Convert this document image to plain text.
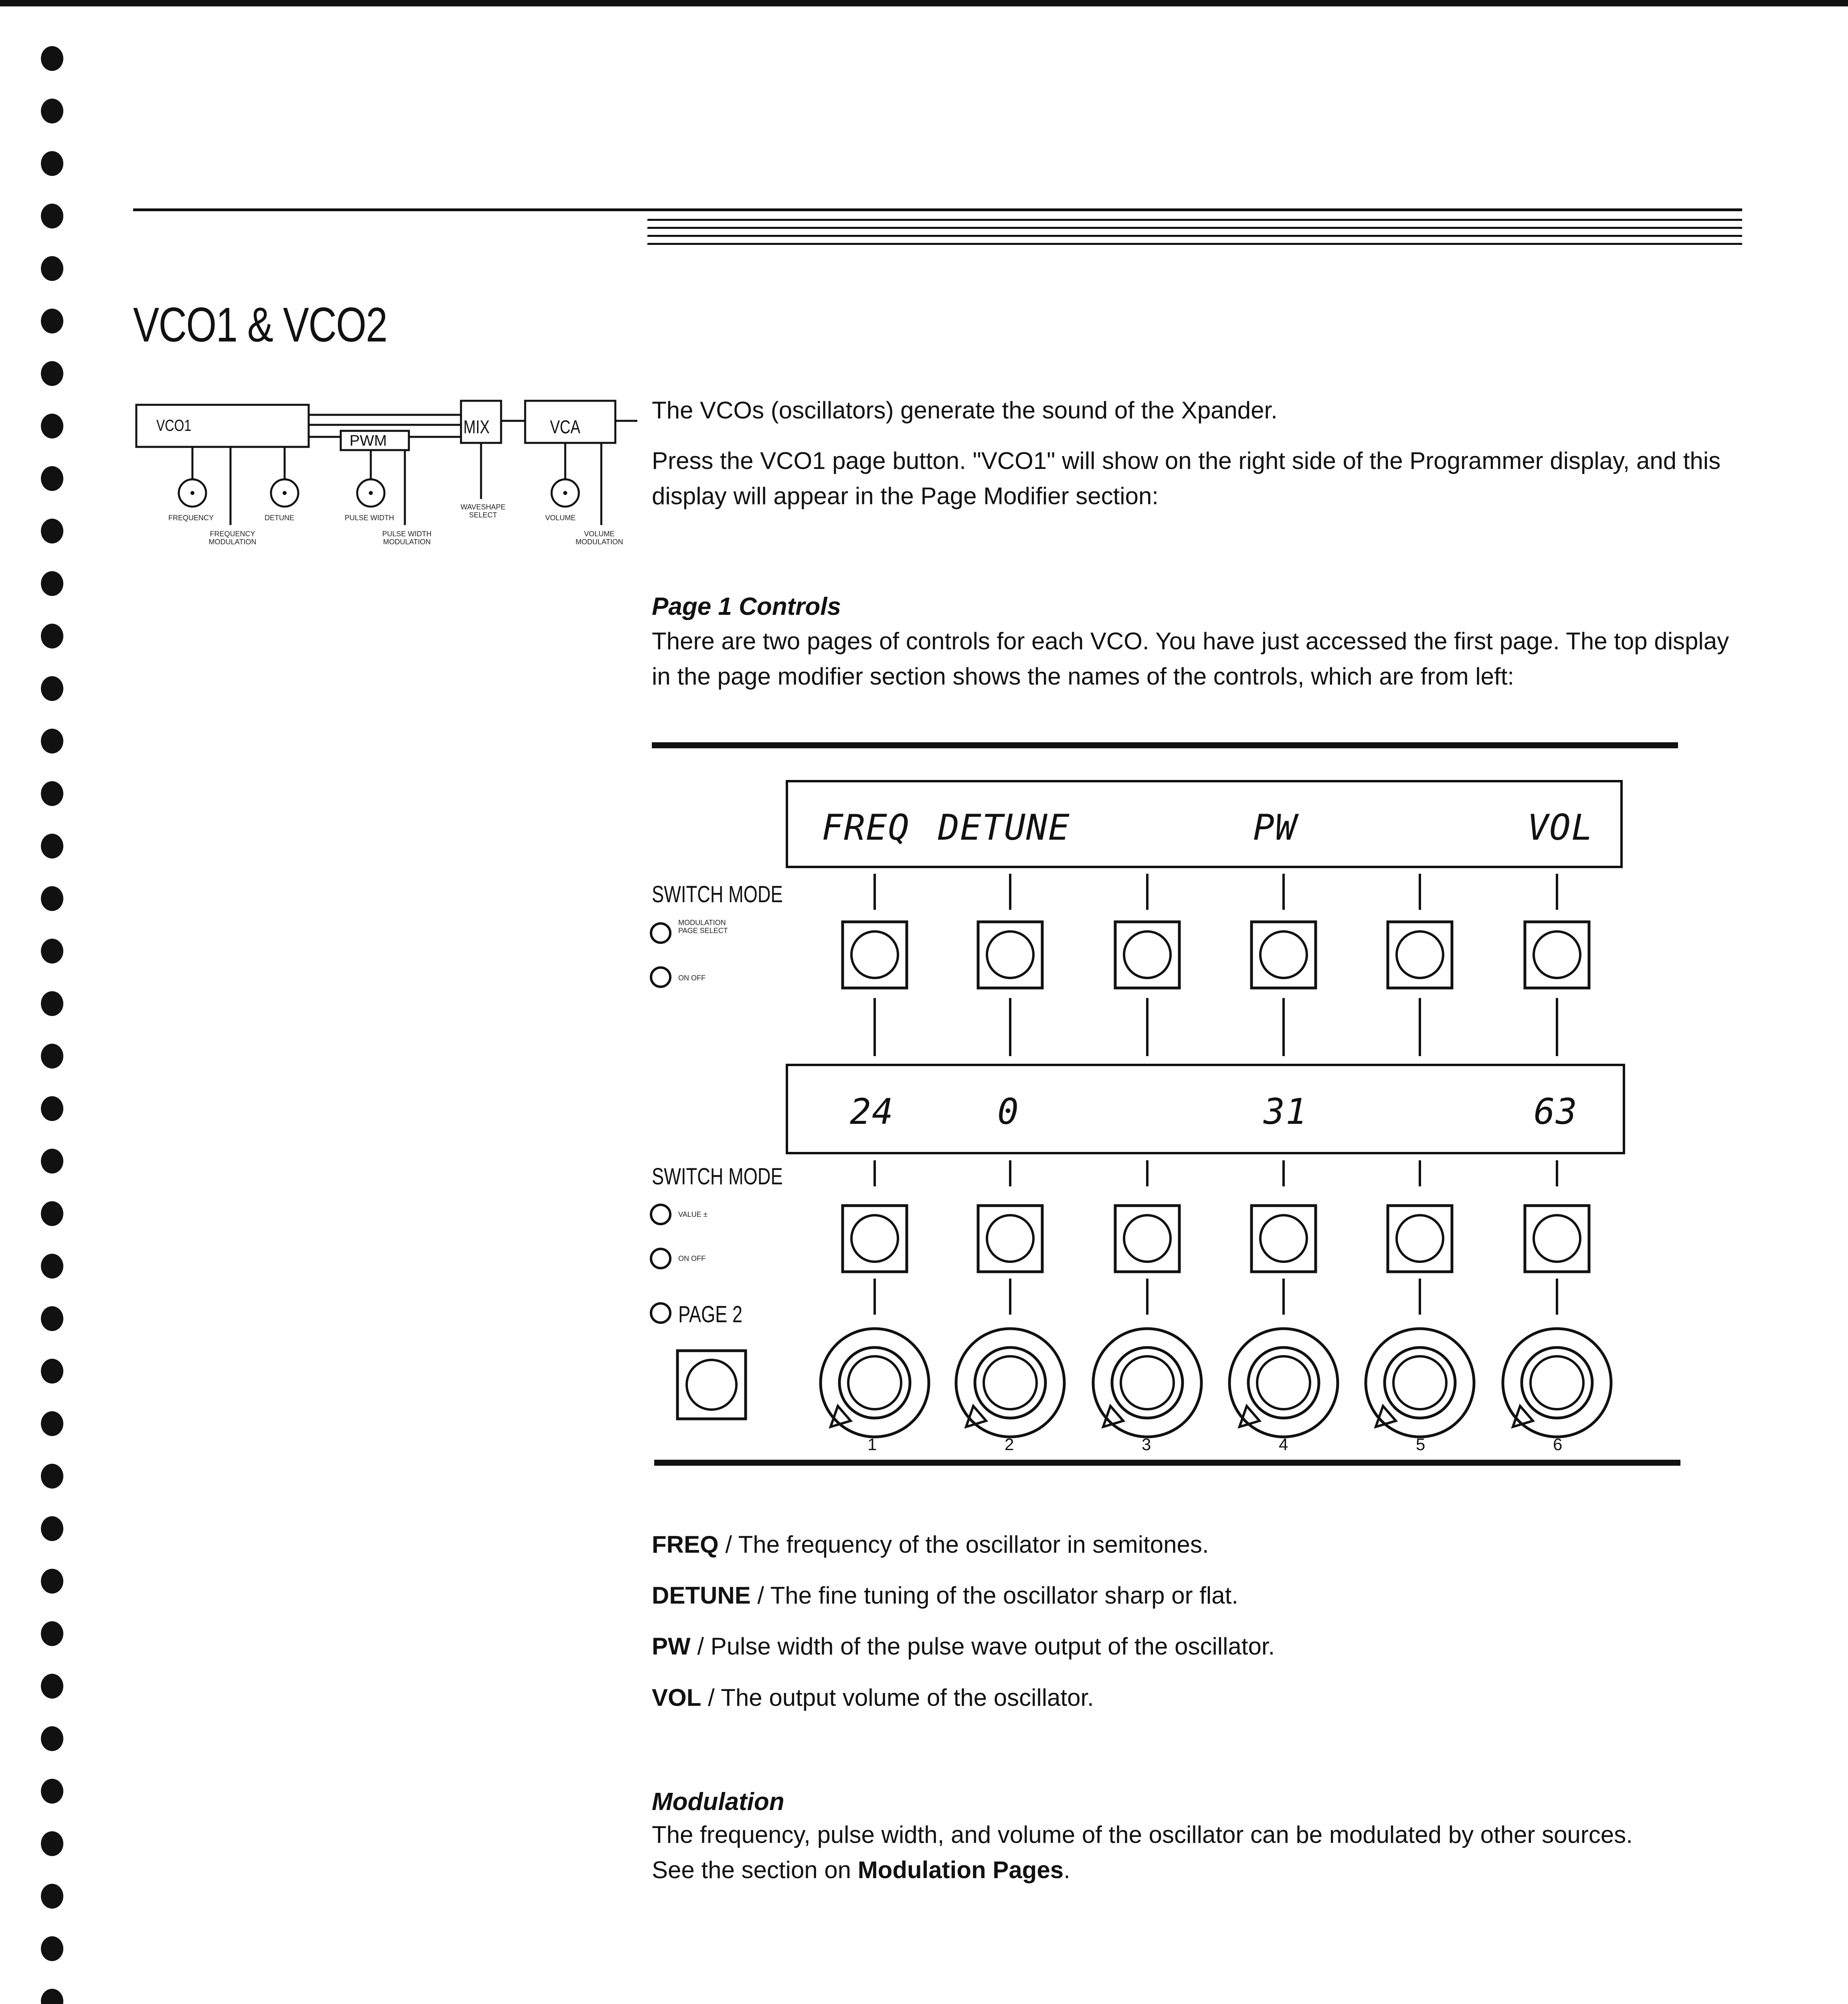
VCO1 & VCO2
VCO1
PWM
MIX	VCA
FREQUENCY	DETUNE	PULSE WIDTH	VOLUME
FREQUENCY MODULATION
PULSE WIDTH MODULATION
WAVESHAPE SELECT
VOLUME MODULATION
The VCOs (oscillators) generate the sound of the Xpander.
Press the VCO1 page button. "VCO1" will show on the right side of the Programmer display, and this display will appear in the Page Modifier section:
Page 1 Controls
There are two pages of controls for each VCO. You have just accessed the first page. The top display in the page modifier section shows the names of the controls, which are from left:
FREQ DETUNE	PW	VOL
24	0	31	63
SWITCH MODE
SWITCH MODE
MODULATION PAGE SELECT
ON OFF
VALUE ±
ON OFF
PAGE 2
1	2	3	4	5	6
FREQ / The frequency of the oscillator in semitones.
DETUNE / The fine tuning of the oscillator sharp or flat.
PW / Pulse width of the pulse wave output of the oscillator.
VOL / The output volume of the oscillator.
Modulation
The frequency, pulse width, and volume of the oscillator can be modulated by other sources.
See the section on Modulation Pages.
